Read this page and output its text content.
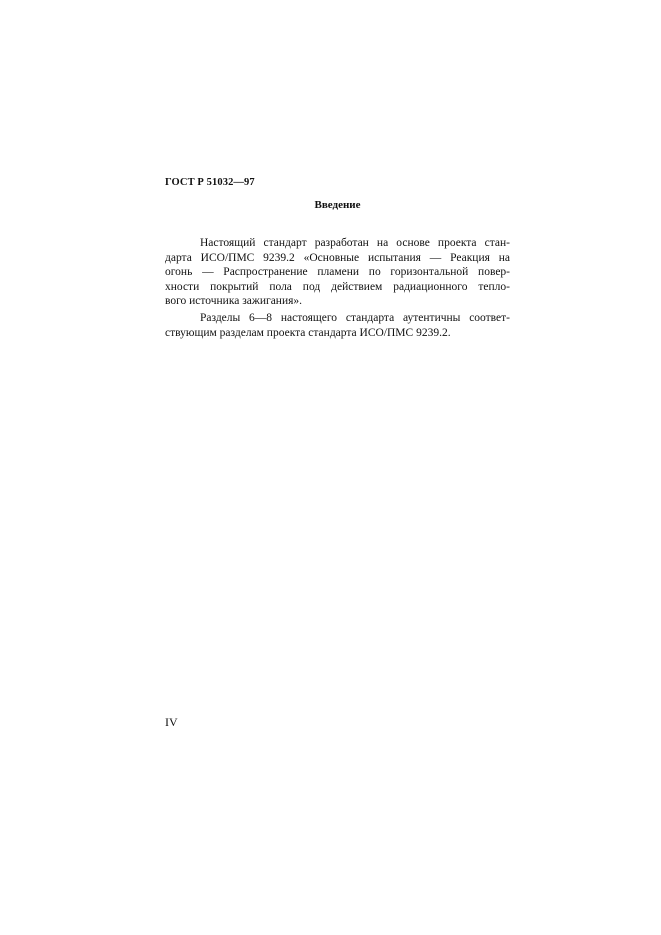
ГОСТ Р 51032—97
Введение
Настоящий стандарт разработан на основе проекта стан-
дарта ИСО/ПМС 9239.2 «Основные испытания — Реакция на
огонь — Распространение пламени по горизонтальной повер-
хности покрытий пола под действием радиационного тепло-
вого источника зажигания».
Разделы 6—8 настоящего стандарта аутентичны соответ-
ствующим разделам проекта стандарта ИСО/ПМС 9239.2.
IV
